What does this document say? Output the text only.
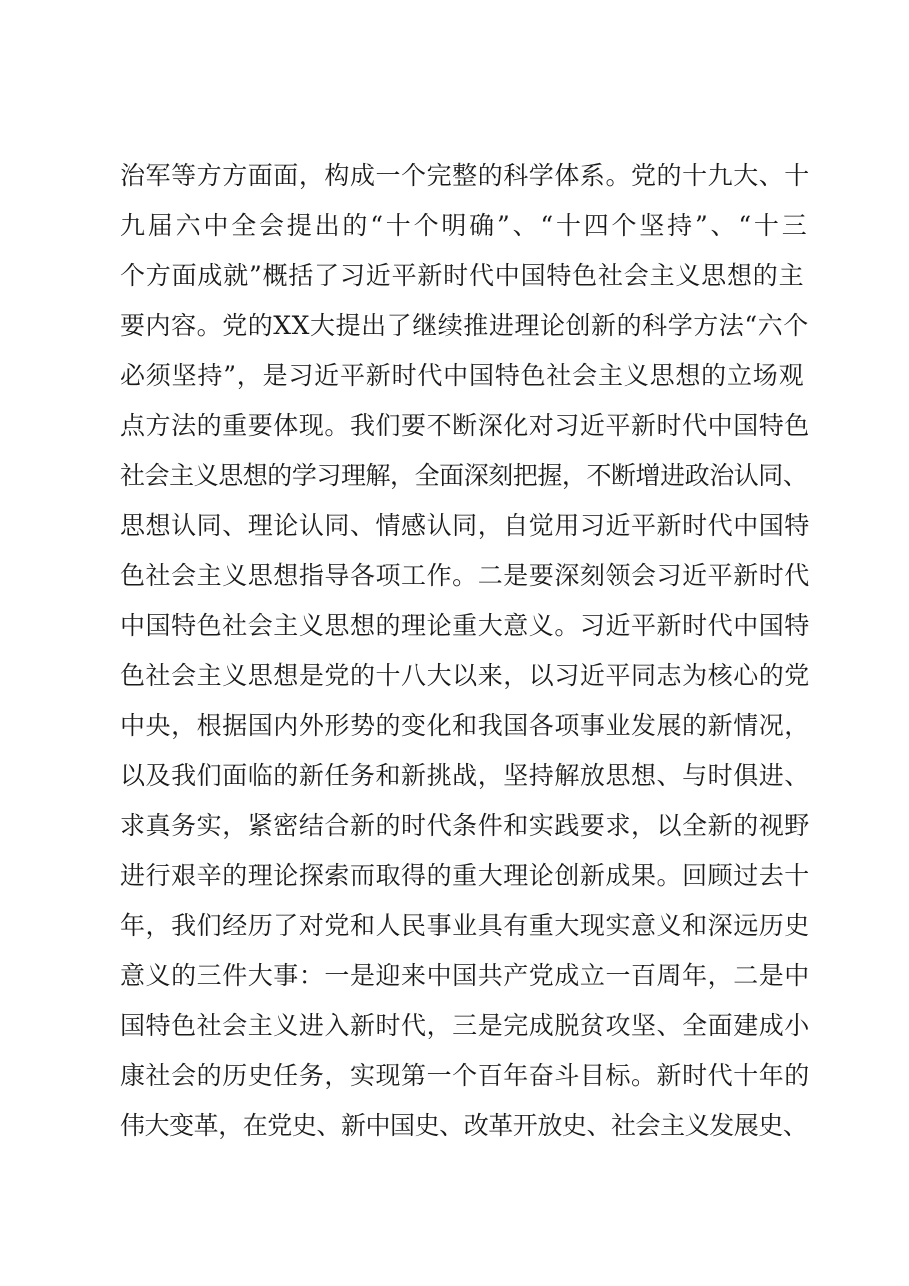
治军等方方面面，构成一个完整的科学体系。党的十九大、十
九届六中全会提出的“十个明确”、“十四个坚持”、“十三
个方面成就”概括了习近平新时代中国特色社会主义思想的主
要内容。党的XX大提出了继续推进理论创新的科学方法“六个
必须坚持”，是习近平新时代中国特色社会主义思想的立场观
点方法的重要体现。我们要不断深化对习近平新时代中国特色
社会主义思想的学习理解，全面深刻把握，不断增进政治认同、
思想认同、理论认同、情感认同，自觉用习近平新时代中国特
色社会主义思想指导各项工作。二是要深刻领会习近平新时代
中国特色社会主义思想的理论重大意义。习近平新时代中国特
色社会主义思想是党的十八大以来，以习近平同志为核心的党
中央，根据国内外形势的变化和我国各项事业发展的新情况，
以及我们面临的新任务和新挑战，坚持解放思想、与时俱进、
求真务实，紧密结合新的时代条件和实践要求，以全新的视野
进行艰辛的理论探索而取得的重大理论创新成果。回顾过去十
年，我们经历了对党和人民事业具有重大现实意义和深远历史
意义的三件大事：一是迎来中国共产党成立一百周年，二是中
国特色社会主义进入新时代，三是完成脱贫攻坚、全面建成小
康社会的历史任务，实现第一个百年奋斗目标。新时代十年的
伟大变革，在党史、新中国史、改革开放史、社会主义发展史、
